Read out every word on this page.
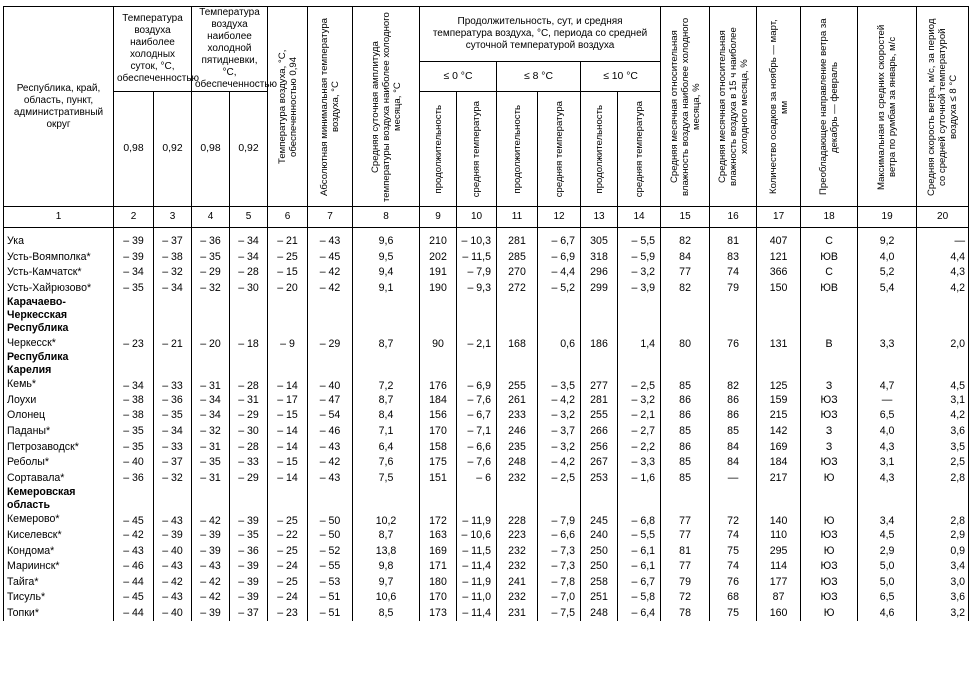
Республика, край, область, пункт, административный округ	Температура воздуха наиболее холодных суток, °С, обеспеченностью		Температура воздуха наиболее холодной пятидневки, °С, обеспеченностью		Температура воздуха, °С, обеспеченностью 0,94	Абсолютная минимальная температура воздуха, °С	Средняя суточная амплитуда температуры воздуха наиболее холодного месяца, °С	Продолжительность, сут, и средняя температура воздуха, °С, периода со средней суточной температурой воздуха						Средняя месячная относительная влажность воздуха наиболее холодного месяца, %	Средняя месячная относительная влажность воздуха в 15 ч наиболее холодного месяца, %	Количество осадков за ноябрь — март, мм	Преобладающее направление ветра за декабрь — февраль	Максимальная из средних скоростей ветра по румбам за январь, м/с	Средняя скорость ветра, м/с, за период со средней суточной температурой воздуха ≤ 8 °С

								≤ 0 °С		≤ 8 °С		≤ 10 °С							
	0,98	0,92	0,98	0,92				продолжительность	средняя температура	продолжительность	средняя температура	продолжительность	средняя температура						

1	2	3	4	5	6	7	8	9	10	11	12	13	14	15	16	17	18	19	20
Ука	– 39	– 37	– 36	– 34	– 21	– 43	9,6	210	– 10,3	281	– 6,7	305	– 5,5	82	81	407	С	9,2	—
Усть-Воямполка*	– 39	– 38	– 35	– 34	– 25	– 45	9,5	202	– 11,5	285	– 6,9	318	– 5,9	84	83	121	ЮВ	4,0	4,4
Усть-Камчатск*	– 34	– 32	– 29	– 28	– 15	– 42	9,4	191	– 7,9	270	– 4,4	296	– 3,2	77	74	366	С	5,2	4,3
Усть-Хайрюзово*	– 35	– 34	– 32	– 30	– 20	– 42	9,1	190	– 9,3	272	– 5,2	299	– 3,9	82	79	150	ЮВ	5,4	4,2
Карачаево-Черкесская Республика																			
Черкесск*	– 23	– 21	– 20	– 18	– 9	– 29	8,7	90	– 2,1	168	0,6	186	1,4	80	76	131	В	3,3	2,0
Республика Карелия																			
Кемь*	– 34	– 33	– 31	– 28	– 14	– 40	7,2	176	– 6,9	255	– 3,5	277	– 2,5	85	82	125	З	4,7	4,5
Лоухи	– 38	– 36	– 34	– 31	– 17	– 47	8,7	184	– 7,6	261	– 4,2	281	– 3,2	86	86	159	ЮЗ	—	3,1
Олонец	– 38	– 35	– 34	– 29	– 15	– 54	8,4	156	– 6,7	233	– 3,2	255	– 2,1	86	86	215	ЮЗ	6,5	4,2
Паданы*	– 35	– 34	– 32	– 30	– 14	– 46	7,1	170	– 7,1	246	– 3,7	266	– 2,7	85	85	142	З	4,0	3,6
Петрозаводск*	– 35	– 33	– 31	– 28	– 14	– 43	6,4	158	– 6,6	235	– 3,2	256	– 2,2	86	84	169	З	4,3	3,5
Реболы*	– 40	– 37	– 35	– 33	– 15	– 42	7,6	175	– 7,6	248	– 4,2	267	– 3,3	85	84	184	ЮЗ	3,1	2,5
Сортавала*	– 36	– 32	– 31	– 29	– 14	– 43	7,5	151	– 6	232	– 2,5	253	– 1,6	85	—	217	Ю	4,3	2,8
Кемеровская область																			
Кемерово*	– 45	– 43	– 42	– 39	– 25	– 50	10,2	172	– 11,9	228	– 7,9	245	– 6,8	77	72	140	Ю	3,4	2,8
Киселевск*	– 42	– 39	– 39	– 35	– 22	– 50	8,7	163	– 10,6	223	– 6,6	240	– 5,5	77	74	110	ЮЗ	4,5	2,9
Кондома*	– 43	– 40	– 39	– 36	– 25	– 52	13,8	169	– 11,5	232	– 7,3	250	– 6,1	81	75	295	Ю	2,9	0,9
Мариинск*	– 46	– 43	– 43	– 39	– 24	– 55	9,8	171	– 11,4	232	– 7,3	250	– 6,1	77	74	114	ЮЗ	5,0	3,4
Тайга*	– 44	– 42	– 42	– 39	– 25	– 53	9,7	180	– 11,9	241	– 7,8	258	– 6,7	79	76	177	ЮЗ	5,0	3,0
Тисуль*	– 45	– 43	– 42	– 39	– 24	– 51	10,6	170	– 11,0	232	– 7,0	251	– 5,8	72	68	87	ЮЗ	6,5	3,6
Топки*	– 44	– 40	– 39	– 37	– 23	– 51	8,5	173	– 11,4	231	– 7,5	248	– 6,4	78	75	160	Ю	4,6	3,2
